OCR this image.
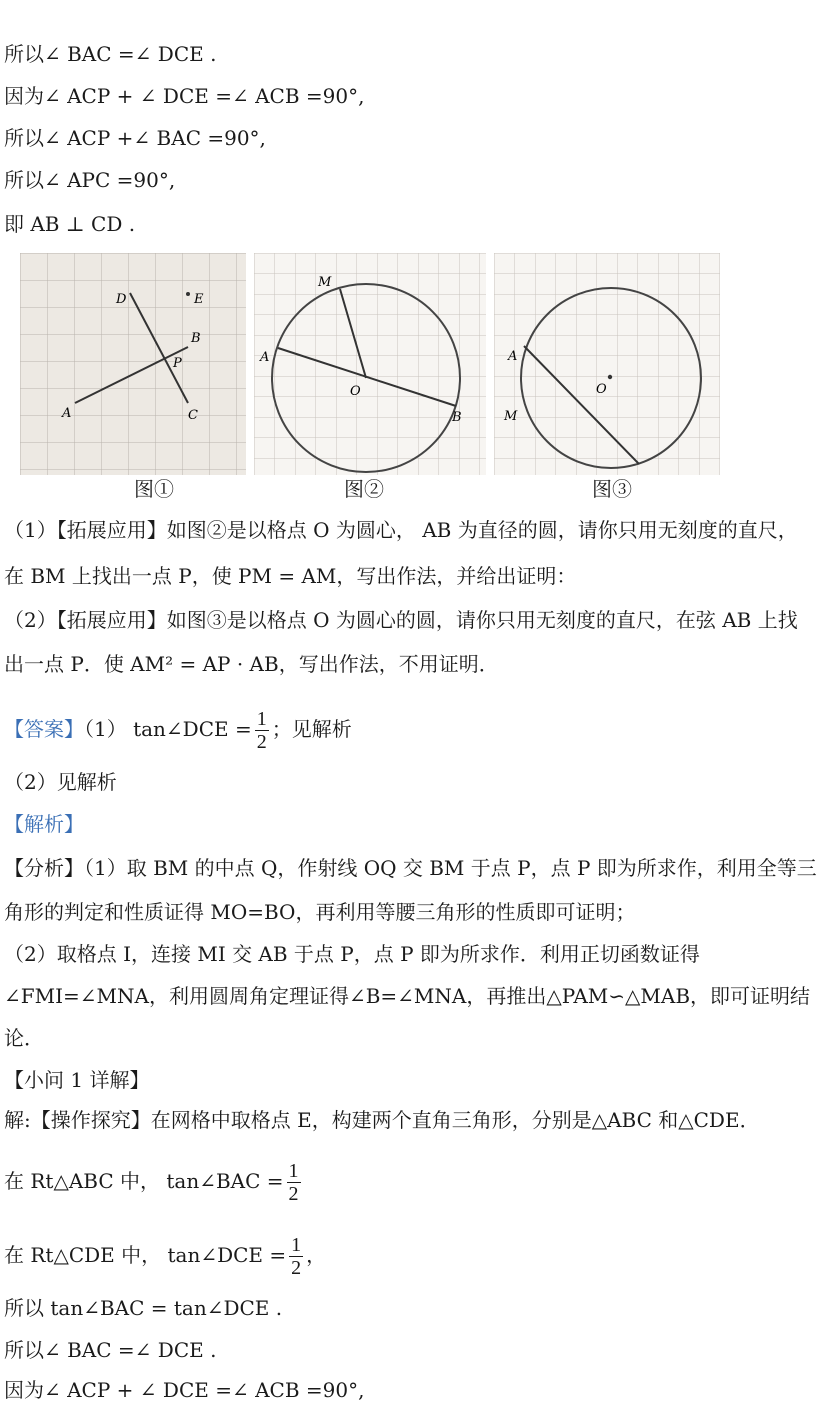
所以∠ BAC =∠ DCE .
因为∠ ACP + ∠ DCE =∠ ACB =90°,
所以∠ ACP +∠ BAC =90°,
所以∠ APC =90°,
即 AB ⊥ CD .
D	E
B
P
A	C
M
A
O
B
A
M
O
图①	图②	图③
（1）【拓展应用】如图②是以格点 O 为圆心， AB 为直径的圆，请你只用无刻度的直尺，
在 BM 上找出一点 P，使 PM = AM，写出作法，并给出证明：
（2）【拓展应用】如图③是以格点 O 为圆心的圆，请你只用无刻度的直尺，在弦 AB 上找
出一点 P．使 AM² = AP · AB，写出作法，不用证明．
【答案】（1） tan∠DCE = $\frac{1}{2}$ ；见解析
（2）见解析
【解析】
【分析】（1）取 BM 的中点 Q，作射线 OQ 交 BM 于点 P，点 P 即为所求作，利用全等三
角形的判定和性质证得 MO=BO，再利用等腰三角形的性质即可证明；
（2）取格点 I，连接 MI 交 AB 于点 P，点 P 即为所求作．利用正切函数证得
∠FMI=∠MNA，利用圆周角定理证得∠B=∠MNA，再推出△PAM∽△MAB，即可证明结
论．
【小问 1 详解】
解:【操作探究】在网格中取格点 E，构建两个直角三角形，分别是△ABC 和△CDE．
在 Rt△ABC 中， tan∠BAC = $\frac{1}{2}$
在 Rt△CDE 中， tan∠DCE = $\frac{1}{2}$ ，
所以 tan∠BAC = tan∠DCE .
所以∠ BAC =∠ DCE .
因为∠ ACP + ∠ DCE =∠ ACB =90°,
